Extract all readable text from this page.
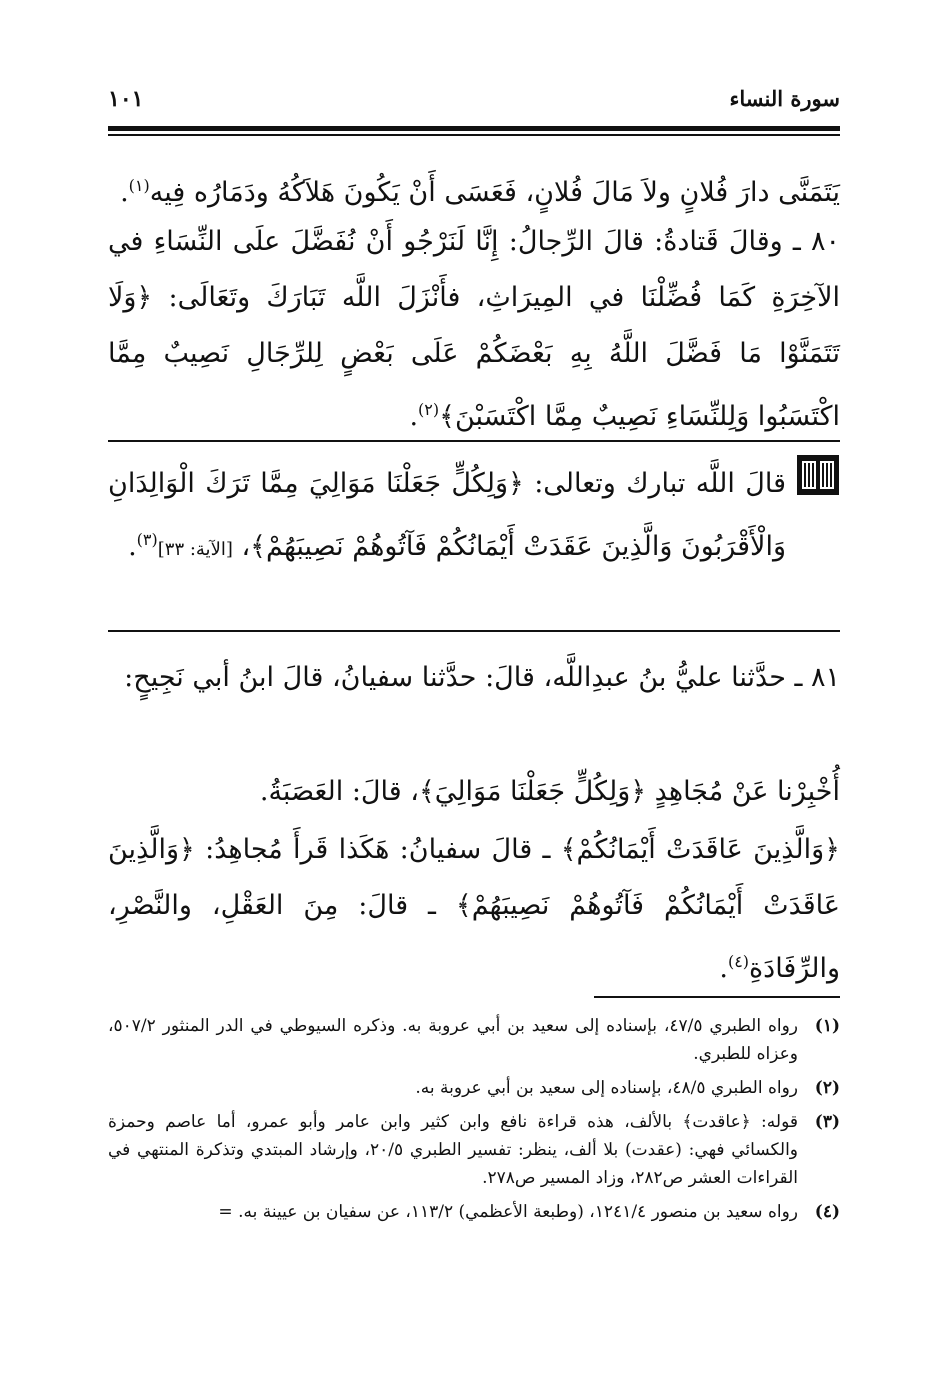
سورة النساء
١٠١
يَتَمَنَّى دارَ فُلانٍ ولاَ مَالَ فُلانٍ، فَعَسَى أَنْ يَكُونَ هَلاَكُهُ ودَمَارُه فِيه$^{(١)}$.
٨٠ ـ وقالَ قَتادةُ: قالَ الرِّجالُ: إِنَّا لَنَرْجُو أَنْ نُفَضَّلَ علَى النِّسَاءِ في الآخِرَةِ كَمَا فُضِّلْنَا في المِيرَاثِ، فأَنْزَلَ اللَّه تَبَارَكَ وتَعَالَى: ﴿وَلَا تَتَمَنَّوْا مَا فَضَّلَ اللَّهُ بِهِ بَعْضَكُمْ عَلَى بَعْضٍ لِلرِّجَالِ نَصِيبٌ مِمَّا اكْتَسَبُوا وَلِلنِّسَاءِ نَصِيبٌ مِمَّا اكْتَسَبْنَ﴾$^{(٢)}$.
قالَ اللَّه تبارك وتعالى: ﴿وَلِكُلٍّ جَعَلْنَا مَوَالِيَ مِمَّا تَرَكَ الْوَالِدَانِ وَالْأَقْرَبُونَ وَالَّذِينَ عَقَدَتْ أَيْمَانُكُمْ فَآتُوهُمْ نَصِيبَهُمْ﴾، [الآية: ٣٣]$^{(٣)}$.
٨١ ـ حدَّثنا عليُّ بنُ عبدِاللَّه، قالَ: حدَّثنا سفيانُ، قالَ ابنُ أبي نَجِيحٍ:
أُخْبِرْنا عَنْ مُجَاهِدٍ ﴿وَلِكُلٍّ جَعَلْنَا مَوَالِيَ﴾، قالَ: العَصَبَةُ.
﴿وَالَّذِينَ عَاقَدَتْ أَيْمَانُكُمْ﴾ ـ قالَ سفيانُ: هَكَذا قَرأَ مُجاهِدُ: ﴿وَالَّذِينَ عَاقَدَتْ أَيْمَانُكُمْ فَآتُوهُمْ نَصِيبَهُمْ﴾ ـ قالَ: مِنَ العَقْلِ، والنَّصْرِ، والرِّفَادَةِ$^{(٤)}$.
(١)
رواه الطبري ٤٧/٥، بإسناده إلى سعيد بن أبي عروبة به. وذكره السيوطي في الدر المنثور ٥٠٧/٢، وعزاه للطبري.
(٢)
رواه الطبري ٤٨/٥، بإسناده إلى سعيد بن أبي عروبة به.
(٣)
قوله: ﴿عاقدت﴾ بالألف، هذه قراءة نافع وابن كثير وابن عامر وأبو عمرو، أما عاصم وحمزة والكسائي فهي: (عقدت) بلا ألف، ينظر: تفسير الطبري ٢٠/٥، وإرشاد المبتدي وتذكرة المنتهي في القراءات العشر ص٢٨٢، وزاد المسير ص٢٧٨.
(٤)
رواه سعيد بن منصور ١٢٤١/٤، (وطبعة الأعظمي) ١١٣/٢، عن سفيان بن عيينة به. =
